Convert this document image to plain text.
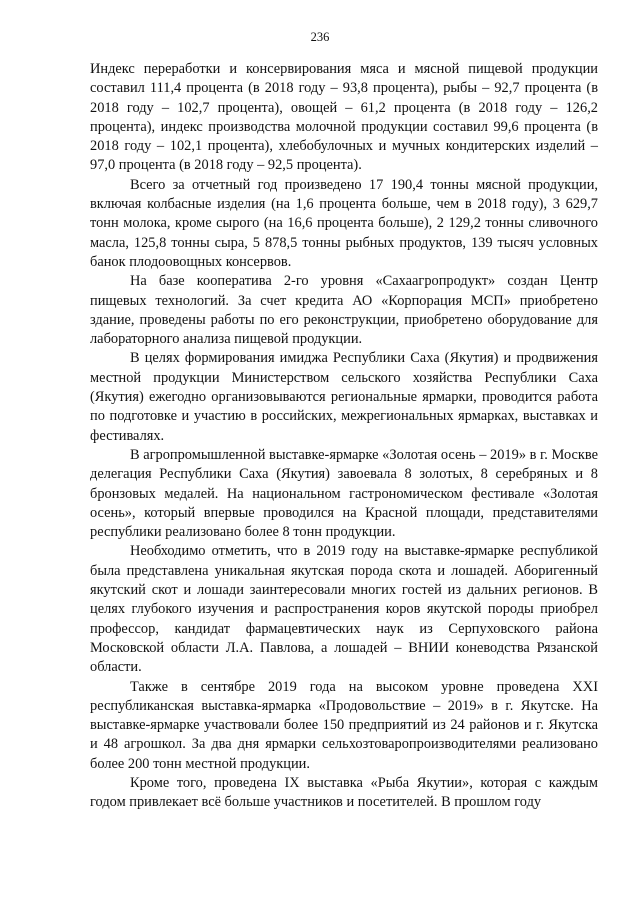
236

Индекс переработки и консервирования мяса и мясной пищевой продукции составил 111,4 процента (в 2018 году – 93,8 процента), рыбы – 92,7 процента (в 2018 году – 102,7 процента), овощей – 61,2 процента (в 2018 году – 126,2 процента), индекс производства молочной продукции составил 99,6 процента (в 2018 году – 102,1 процента), хлебобулочных и мучных кондитерских изделий – 97,0 процента (в 2018 году – 92,5 процента).

Всего за отчетный год произведено 17 190,4 тонны мясной продукции, включая колбасные изделия (на 1,6 процента больше, чем в 2018 году), 3 629,7 тонн молока, кроме сырого (на 16,6 процента больше), 2 129,2 тонны сливочного масла, 125,8 тонны сыра, 5 878,5 тонны рыбных продуктов, 139 тысяч условных банок плодоовощных консервов.

На базе кооператива 2-го уровня «Сахаагропродукт» создан Центр пищевых технологий. За счет кредита АО «Корпорация МСП» приобретено здание, проведены работы по его реконструкции, приобретено оборудование для лабораторного анализа пищевой продукции.

В целях формирования имиджа Республики Саха (Якутия) и продвижения местной продукции Министерством сельского хозяйства Республики Саха (Якутия) ежегодно организовываются региональные ярмарки, проводится работа по подготовке и участию в российских, межрегиональных ярмарках, выставках и фестивалях.

В агропромышленной выставке-ярмарке «Золотая осень – 2019» в г. Москве делегация Республики Саха (Якутия) завоевала 8 золотых, 8 серебряных и 8 бронзовых медалей. На национальном гастрономическом фестивале «Золотая осень», который впервые проводился на Красной площади, представителями республики реализовано более 8 тонн продукции.

Необходимо отметить, что в 2019 году на выставке-ярмарке республикой была представлена уникальная якутская порода скота и лошадей. Аборигенный якутский скот и лошади заинтересовали многих гостей из дальних регионов. В целях глубокого изучения и распространения коров якутской породы приобрел профессор, кандидат фармацевтических наук из Серпуховского района Московской области Л.А. Павлова, а лошадей – ВНИИ коневодства Рязанской области.

Также в сентябре 2019 года на высоком уровне проведена XXI республиканская выставка-ярмарка «Продовольствие – 2019» в г. Якутске. На выставке-ярмарке участвовали более 150 предприятий из 24 районов и г. Якутска и 48 агрошкол. За два дня ярмарки сельхозтоваропроизводителями реализовано более 200 тонн местной продукции.

Кроме того, проведена IX выставка «Рыба Якутии», которая с каждым годом привлекает всё больше участников и посетителей. В прошлом году
